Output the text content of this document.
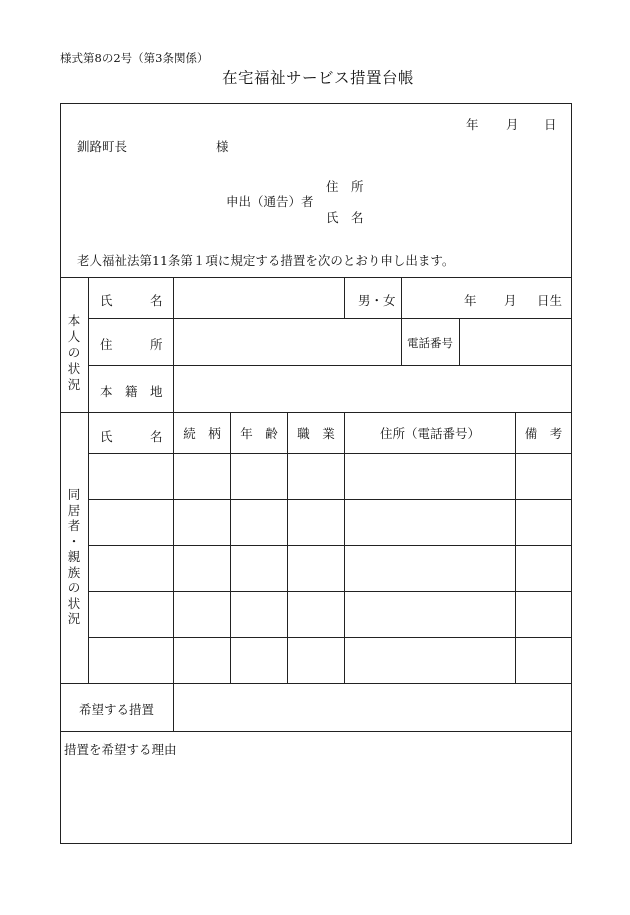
様式第8の2号（第3条関係）
在宅福祉サービス措置台帳
年 月 日
釧路町長	様
住　所
申出（通告）者
氏　名
老人福祉法第11条第１項に規定する措置を次のとおり申し出ます。
本
人
の
状
況
氏　　　名	男・女	年 月 日生
住　　　所	電話番号
本　籍　地
同
居
者
・
親
族
の
状
況
氏　　　名	続　柄	年　齢	職　業	住所（電話番号）	備　考
希望する措置
措置を希望する理由
